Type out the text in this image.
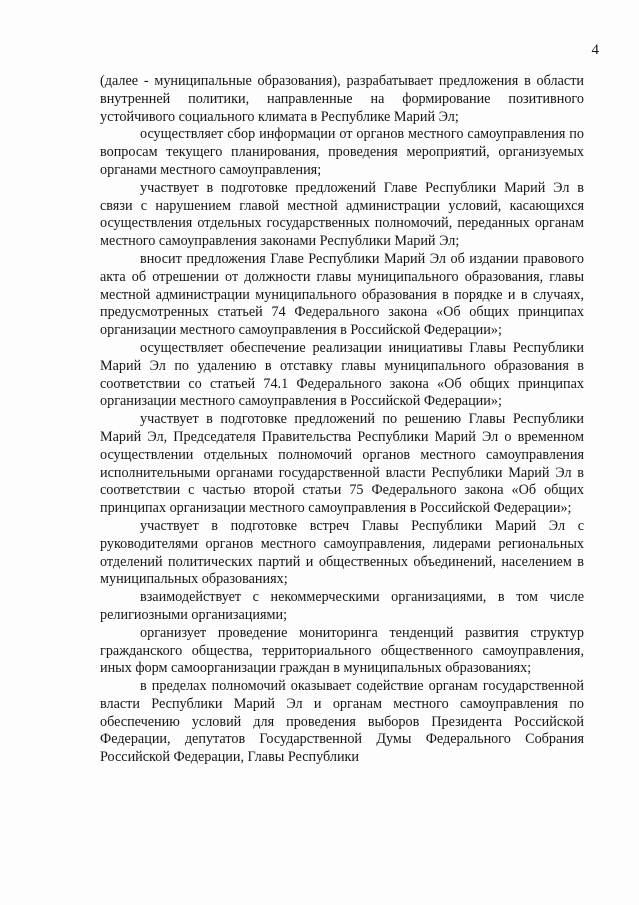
4

(далее - муниципальные образования), разрабатывает предложения в области внутренней политики, направленные на формирование позитивного устойчивого социального климата в Республике Марий Эл;

осуществляет сбор информации от органов местного самоуправления по вопросам текущего планирования, проведения мероприятий, организуемых органами местного самоуправления;

участвует в подготовке предложений Главе Республики Марий Эл в связи с нарушением главой местной администрации условий, касающихся осуществления отдельных государственных полномочий, переданных органам местного самоуправления законами Республики Марий Эл;

вносит предложения Главе Республики Марий Эл об издании правового акта об отрешении от должности главы муниципального образования, главы местной администрации муниципального образования в порядке и в случаях, предусмотренных статьей 74 Федерального закона «Об общих принципах организации местного самоуправления в Российской Федерации»;

осуществляет обеспечение реализации инициативы Главы Республики Марий Эл по удалению в отставку главы муниципального образования в соответствии со статьей 74.1 Федерального закона «Об общих принципах организации местного самоуправления в Российской Федерации»;

участвует в подготовке предложений по решению Главы Республики Марий Эл, Председателя Правительства Республики Марий Эл о временном осуществлении отдельных полномочий органов местного самоуправления исполнительными органами государственной власти Республики Марий Эл в соответствии с частью второй статьи 75 Федерального закона «Об общих принципах организации местного самоуправления в Российской Федерации»;

участвует в подготовке встреч Главы Республики Марий Эл с руководителями органов местного самоуправления, лидерами региональных отделений политических партий и общественных объединений, населением в муниципальных образованиях;

взаимодействует с некоммерческими организациями, в том числе религиозными организациями;

организует проведение мониторинга тенденций развития структур гражданского общества, территориального общественного самоуправления, иных форм самоорганизации граждан в муниципальных образованиях;

в пределах полномочий оказывает содействие органам государственной власти Республики Марий Эл и органам местного самоуправления по обеспечению условий для проведения выборов Президента Российской Федерации, депутатов Государственной Думы Федерального Собрания Российской Федерации, Главы Республики
